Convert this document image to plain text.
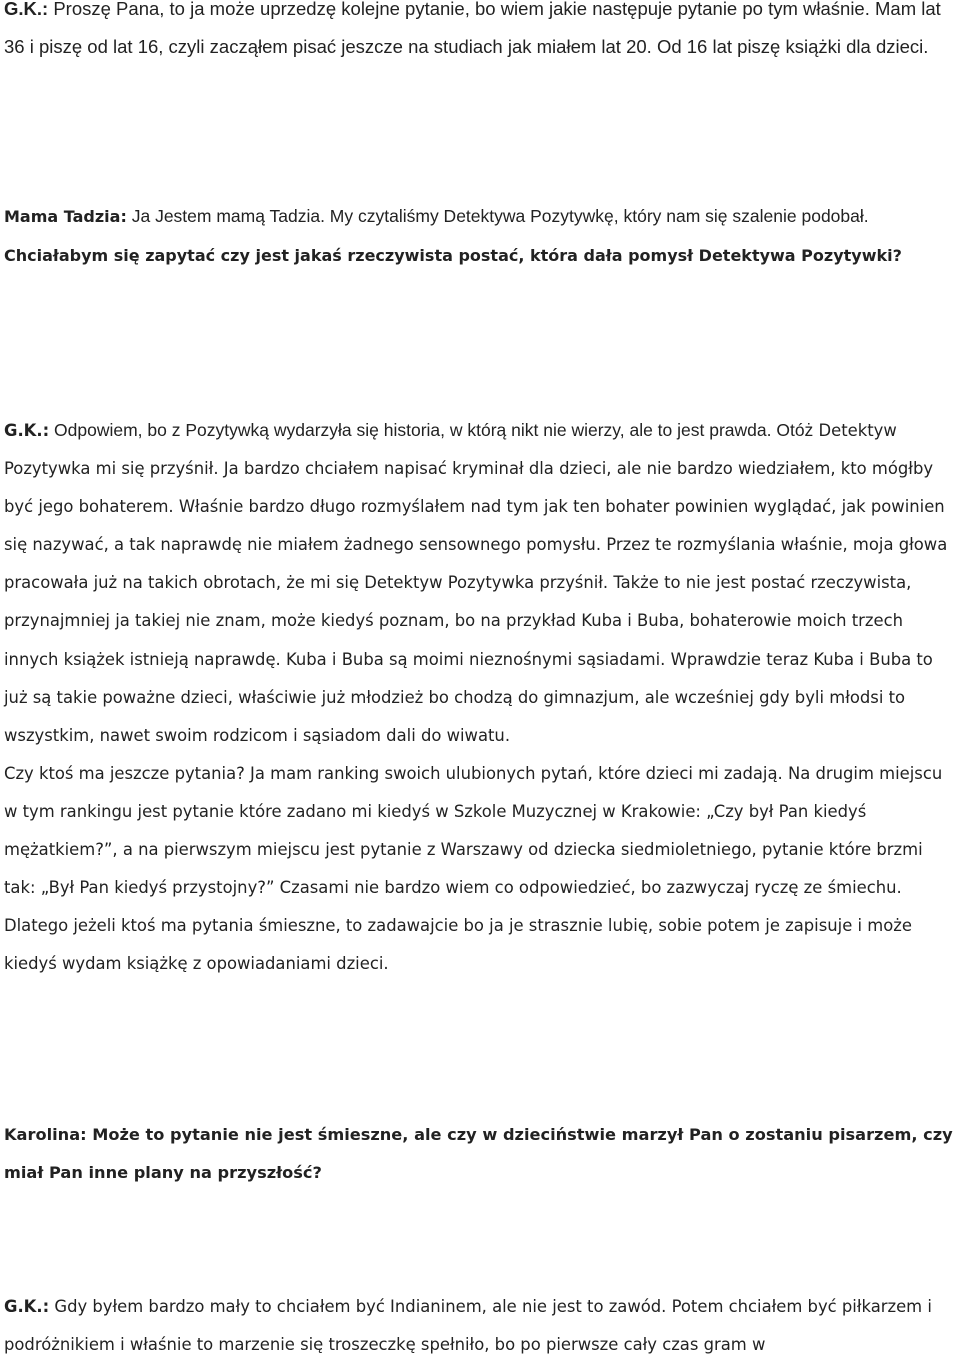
G.K.: Proszę Pana, to ja może uprzedzę kolejne pytanie, bo wiem jakie następuje pytanie po tym właśnie. Mam lat 36 i piszę od lat 16, czyli zacząłem pisać jeszcze na studiach jak miałem lat 20. Od 16 lat piszę książki dla dzieci.

Mama Tadzia: Ja Jestem mamą Tadzia. My czytaliśmy Detektywa Pozytywkę, który nam się szalenie podobał. Chciałabym się zapytać czy jest jakaś rzeczywista postać, która dała pomysł Detektywa Pozytywki?

G.K.: Odpowiem, bo z Pozytywką wydarzyła się historia, w którą nikt nie wierzy, ale to jest prawda. Otóż Detektyw Pozytywka mi się przyśnił. Ja bardzo chciałem napisać kryminał dla dzieci, ale nie bardzo wiedziałem, kto mógłby być jego bohaterem. Właśnie bardzo długo rozmyślałem nad tym jak ten bohater powinien wyglądać, jak powinien się nazywać, a tak naprawdę nie miałem żadnego sensownego pomysłu. Przez te rozmyślania właśnie, moja głowa pracowała już na takich obrotach, że mi się Detektyw Pozytywka przyśnił. Także to nie jest postać rzeczywista, przynajmniej ja takiej nie znam, może kiedyś poznam, bo na przykład Kuba i Buba, bohaterowie moich trzech innych książek istnieją naprawdę. Kuba i Buba są moimi nieznośnymi sąsiadami. Wprawdzie teraz Kuba i Buba to już są takie poważne dzieci, właściwie już młodzież bo chodzą do gimnazjum, ale wcześniej gdy byli młodsi to wszystkim, nawet swoim rodzicom i sąsiadom dali do wiwatu.
Czy ktoś ma jeszcze pytania? Ja mam ranking swoich ulubionych pytań, które dzieci mi zadają. Na drugim miejscu w tym rankingu jest pytanie które zadano mi kiedyś w Szkole Muzycznej w Krakowie: „Czy był Pan kiedyś mężatkiem?”, a na pierwszym miejscu jest pytanie z Warszawy od dziecka siedmioletniego, pytanie które brzmi tak: „Był Pan kiedyś przystojny?” Czasami nie bardzo wiem co odpowiedzieć, bo zazwyczaj ryczę ze śmiechu. Dlatego jeżeli ktoś ma pytania śmieszne, to zadawajcie bo ja je strasznie lubię, sobie potem je zapisuje i może kiedyś wydam książkę z opowiadaniami dzieci.

Karolina: Może to pytanie nie jest śmieszne, ale czy w dzieciństwie marzył Pan o zostaniu pisarzem, czy miał Pan inne plany na przyszłość?

G.K.: Gdy byłem bardzo mały to chciałem być Indianinem, ale nie jest to zawód. Potem chciałem być piłkarzem i podróżnikiem i właśnie to marzenie się troszeczkę spełniło, bo po pierwsze cały czas gram w
